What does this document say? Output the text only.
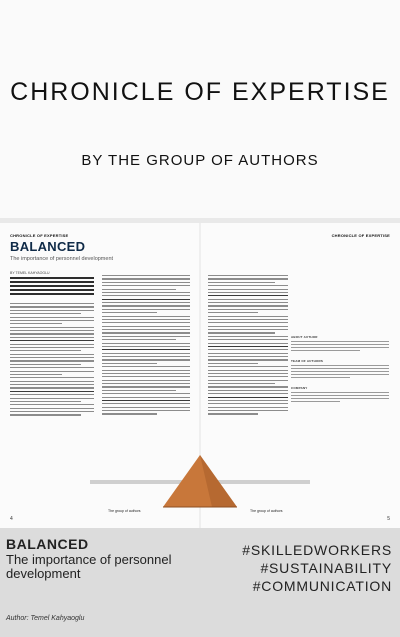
CHRONICLE OF EXPERTISE
BY THE GROUP OF AUTHORS
CHRONICLE OF EXPERTISE	CHRONICLE OF EXPERTISE
BALANCED
The importance of personnel development
BY TEMEL KAHYAOGLU
ABOUT AUTHOR
TEAM OF AUTHORS
COMPANY
The group of authors	The group of authors
4	5
BALANCED
The importance of personnel development
Author: Temel Kahyaoglu
#SKILLEDWORKERS
#SUSTAINABILITY
#COMMUNICATION
